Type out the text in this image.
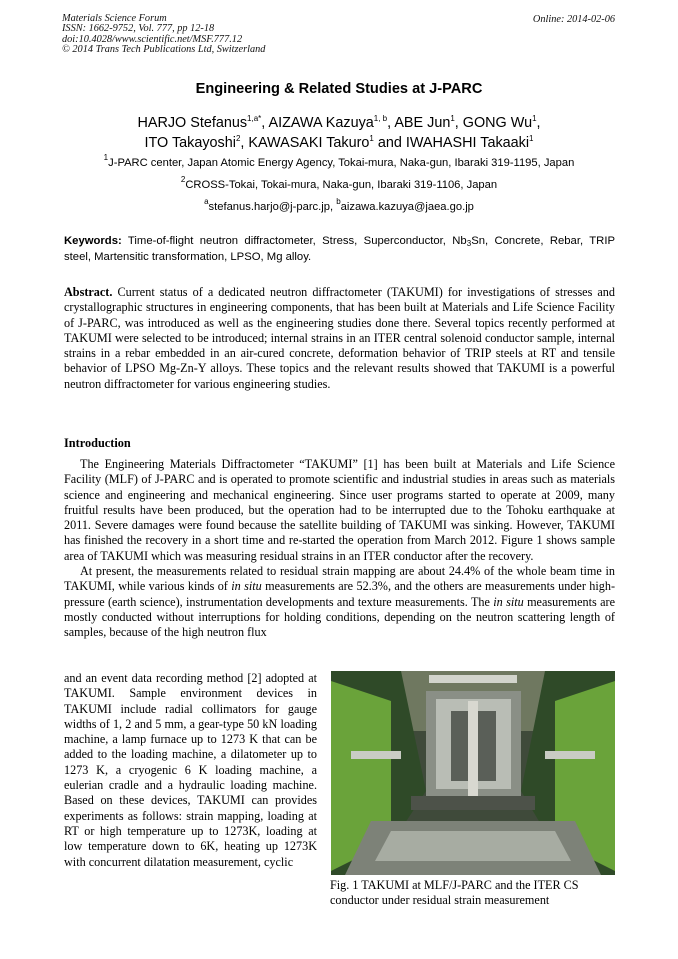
Materials Science Forum
ISSN: 1662-9752, Vol. 777, pp 12-18
doi:10.4028/www.scientific.net/MSF.777.12
© 2014 Trans Tech Publications Ltd, Switzerland
Online: 2014-02-06
Engineering & Related Studies at J-PARC
HARJO Stefanus$^{1,a*}$, AIZAWA Kazuya$^{1, b}$, ABE Jun$^1$, GONG Wu$^1$,
ITO Takayoshi$^2$, KAWASAKI Takuro$^1$ and IWAHASHI Takaaki$^1$
$^1$J-PARC center, Japan Atomic Energy Agency, Tokai-mura, Naka-gun, Ibaraki 319-1195, Japan
$^2$CROSS-Tokai, Tokai-mura, Naka-gun, Ibaraki 319-1106, Japan
$^a$stefanus.harjo@j-parc.jp, $^b$aizawa.kazuya@jaea.go.jp
Keywords: Time-of-flight neutron diffractometer, Stress, Superconductor, $Nb_3Sn$, Concrete, Rebar, TRIP steel, Martensitic transformation, LPSO, Mg alloy.
Abstract. Current status of a dedicated neutron diffractometer (TAKUMI) for investigations of stresses and crystallographic structures in engineering components, that has been built at Materials and Life Science Facility of J-PARC, was introduced as well as the engineering studies done there. Several topics recently performed at TAKUMI were selected to be introduced; internal strains in an ITER central solenoid conductor sample, internal strains in a rebar embedded in an air-cured concrete, deformation behavior of TRIP steels at RT and tensile behavior of LPSO Mg-Zn-Y alloys. These topics and the relevant results showed that TAKUMI is a powerful neutron diffractometer for various engineering studies.
Introduction

The Engineering Materials Diffractometer “TAKUMI” [1] has been built at Materials and Life Science Facility (MLF) of J-PARC and is operated to promote scientific and industrial studies in areas such as materials science and engineering and mechanical engineering. Since user programs started to operate at 2009, many fruitful results have been produced, but the operation had to be interrupted due to the Tohoku earthquake at 2011. Severe damages were found because the satellite building of TAKUMI was sinking. However, TAKUMI has finished the recovery in a short time and re-started the operation from March 2012. Figure 1 shows sample area of TAKUMI which was measuring residual strains in an ITER conductor after the recovery.

At present, the measurements related to residual strain mapping are about 24.4% of the whole beam time in TAKUMI, while various kinds of in situ measurements are 52.3%, and the others are measurements under high-pressure (earth science), instrumentation developments and texture measurements. The in situ measurements are mostly conducted without interruptions for holding conditions, depending on the neutron scattering length of samples, because of the high neutron flux

and an event data recording method [2] adopted at TAKUMI. Sample environment devices in TAKUMI include radial collimators for gauge widths of 1, 2 and 5 mm, a gear-type 50 kN loading machine, a lamp furnace up to 1273 K that can be added to the loading machine, a dilatometer up to 1273 K, a cryogenic 6 K loading machine, a eulerian cradle and a hydraulic loading machine. Based on these devices, TAKUMI can provides experiments as follows: strain mapping, loading at RT or high temperature up to 1273K, loading at low temperature down to 6K, heating up 1273K with concurrent dilatation measurement, cyclic

Fig. 1 TAKUMI at MLF/J-PARC and the ITER CS conductor under residual strain measurement
